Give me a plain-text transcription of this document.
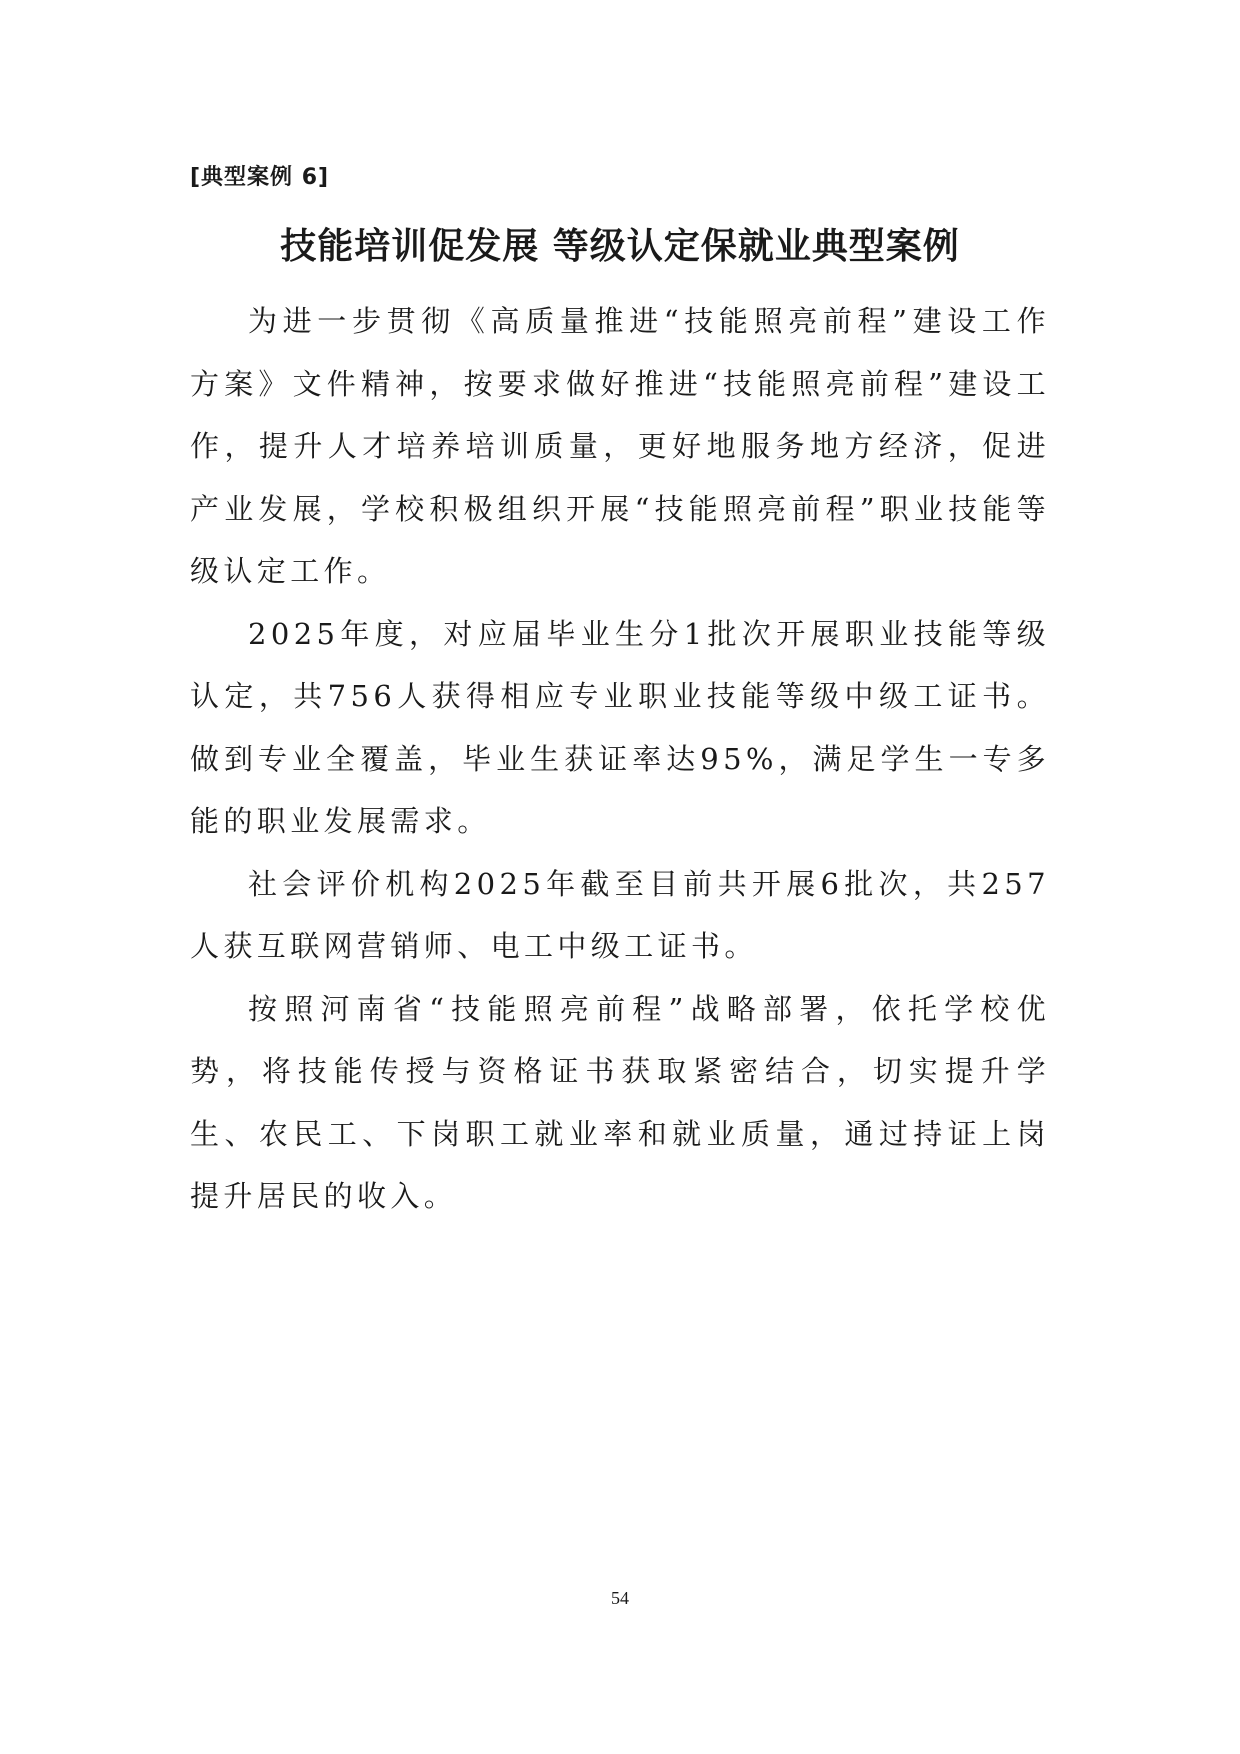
[典型案例 6]
技能培训促发展 等级认定保就业典型案例

为进一步贯彻《高质量推进“技能照亮前程”建设工作方案》文件精神，按要求做好推进“技能照亮前程”建设工作，提升人才培养培训质量，更好地服务地方经济，促进产业发展，学校积极组织开展“技能照亮前程”职业技能等级认定工作。

2025年度，对应届毕业生分1批次开展职业技能等级认定，共756人获得相应专业职业技能等级中级工证书。做到专业全覆盖，毕业生获证率达95%，满足学生一专多能的职业发展需求。

社会评价机构2025年截至目前共开展6批次，共257人获互联网营销师、电工中级工证书。

按照河南省“技能照亮前程”战略部署，依托学校优势，将技能传授与资格证书获取紧密结合，切实提升学生、农民工、下岗职工就业率和就业质量，通过持证上岗提升居民的收入。

54
